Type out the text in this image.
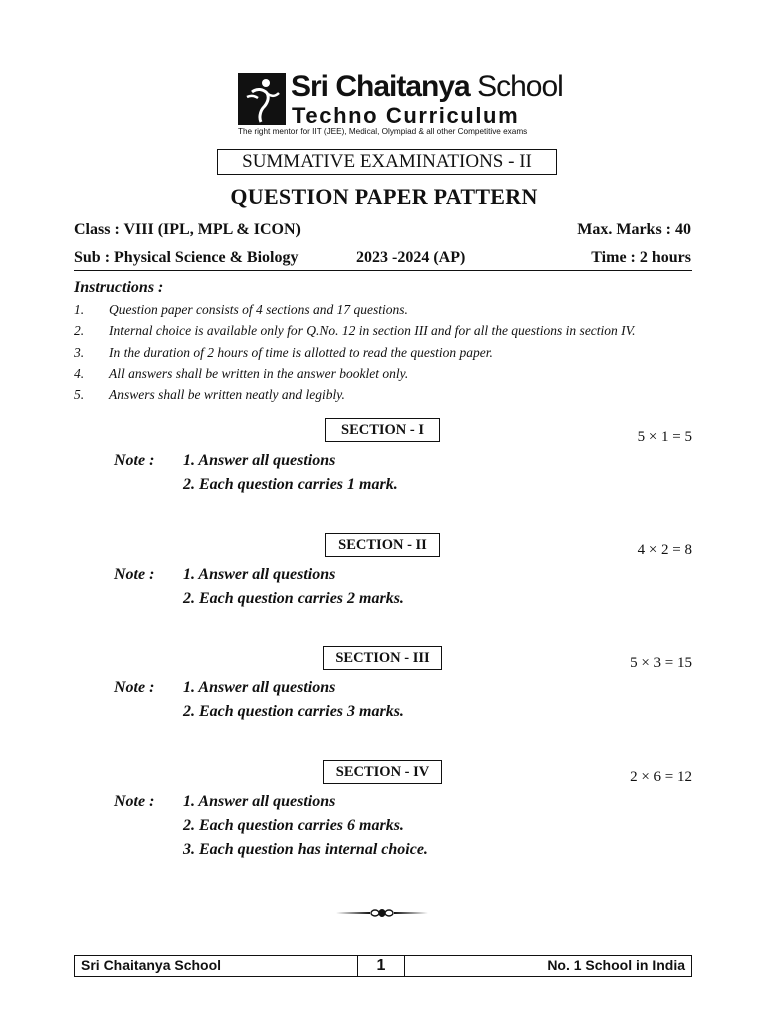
Sri Chaitanya School
Techno Curriculum
The right mentor for IIT (JEE), Medical, Olympiad & all other Competitive exams
SUMMATIVE EXAMINATIONS - II
QUESTION PAPER PATTERN
Class : VIII (IPL, MPL & ICON)	Max. Marks : 40
Sub : Physical Science & Biology	2023 -2024 (AP)	Time : 2 hours
Instructions :
1. Question paper consists of 4 sections and 17 questions.
2. Internal choice is available only for Q.No. 12 in section III and for all the questions in section IV.
3. In the duration of 2 hours of time is allotted to read the question paper.
4. All answers shall be written in the answer booklet only.
5. Answers shall be written neatly and legibly.
SECTION - I	5 × 1 = 5
Note : 1. Answer all questions
2. Each question carries 1 mark.
SECTION - II	4 × 2 = 8
Note : 1. Answer all questions
2. Each question carries 2 marks.
SECTION - III	5 × 3 = 15
Note : 1. Answer all questions
2. Each question carries 3 marks.
SECTION - IV	2 × 6 = 12
Note : 1. Answer all questions
2. Each question carries 6 marks.
3. Each question has internal choice.
Sri Chaitanya School	1	No. 1 School in India
